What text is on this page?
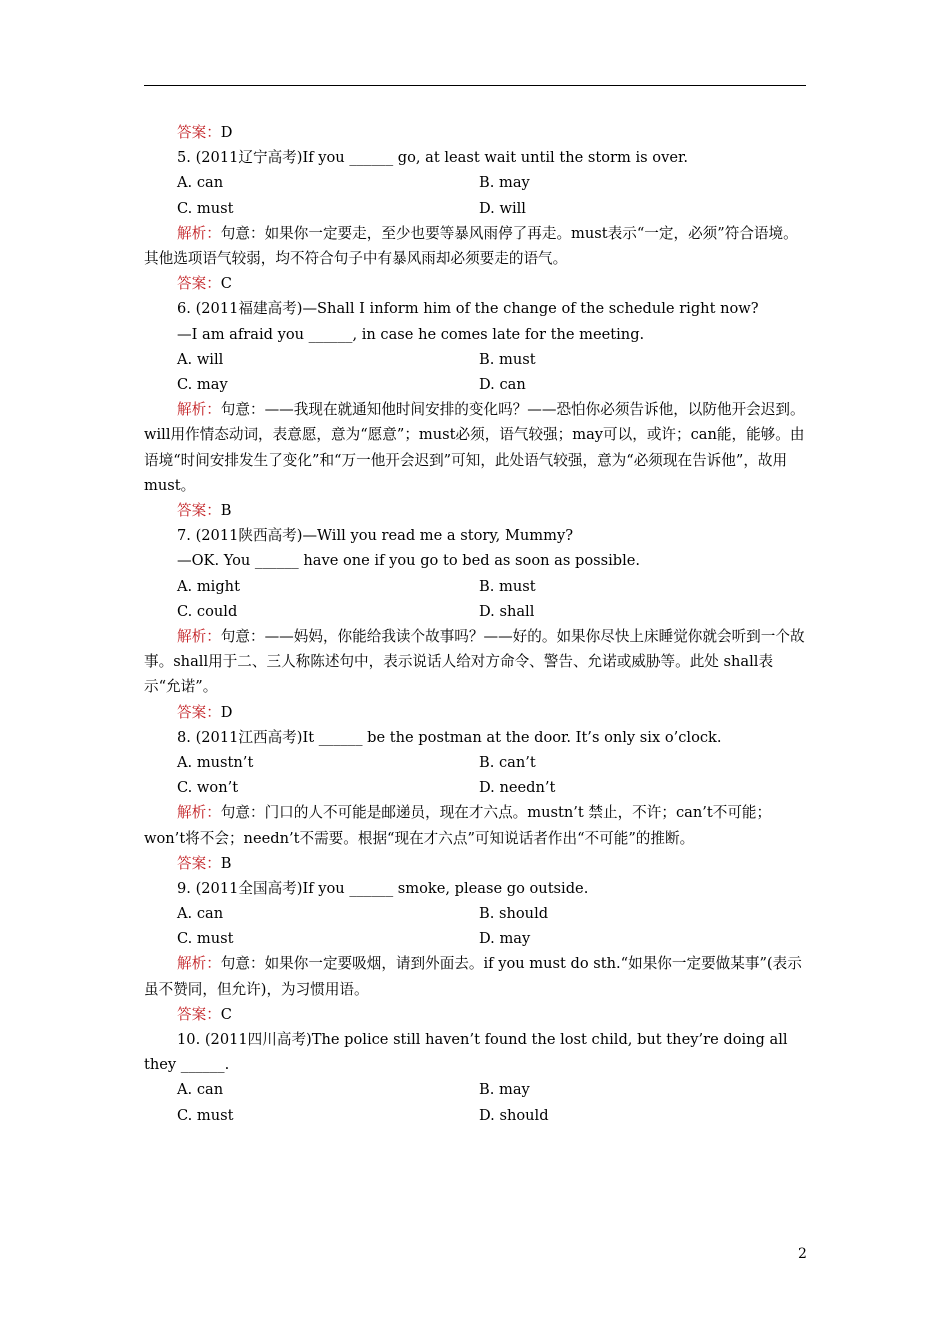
答案：D
5. (2011辽宁高考)If you ______ go, at least wait until the storm is over.
A. can	B. may
C. must	D. will
解析：句意：如果你一定要走，至少也要等暴风雨停了再走。must表示“一定，必须”符合语境。其他选项语气较弱，均不符合句子中有暴风雨却必须要走的语气。
答案：C
6. (2011福建高考)—Shall I inform him of the change of the schedule right now?
—I am afraid you ______, in case he comes late for the meeting.
A. will	B. must
C. may	D. can
解析：句意：——我现在就通知他时间安排的变化吗？——恐怕你必须告诉他，以防他开会迟到。will用作情态动词，表意愿，意为“愿意”；must必须，语气较强；may可以，或许；can能，能够。由语境“时间安排发生了变化”和“万一他开会迟到”可知，此处语气较强，意为“必须现在告诉他”，故用must。
答案：B
7. (2011陕西高考)—Will you read me a story, Mummy?
—OK. You ______ have one if you go to bed as soon as possible.
A. might	B. must
C. could	D. shall
解析：句意：——妈妈，你能给我读个故事吗？——好的。如果你尽快上床睡觉你就会听到一个故事。shall用于二、三人称陈述句中，表示说话人给对方命令、警告、允诺或威胁等。此处 shall表示“允诺”。
答案：D
8. (2011江西高考)It ______ be the postman at the door. It’s only six o’clock.
A. mustn’t	B. can’t
C. won’t	D. needn’t
解析：句意：门口的人不可能是邮递员，现在才六点。mustn’t 禁止，不许；can’t不可能；won’t将不会；needn’t不需要。根据“现在才六点”可知说话者作出“不可能”的推断。
答案：B
9. (2011全国高考)If you ______ smoke, please go outside.
A. can	B. should
C. must	D. may
解析：句意：如果你一定要吸烟，请到外面去。if you must do sth.“如果你一定要做某事”(表示虽不赞同，但允许)，为习惯用语。
答案：C
10. (2011四川高考)The police still haven’t found the lost child, but they’re doing all they ______.
A. can	B. may
C. must	D. should
2
